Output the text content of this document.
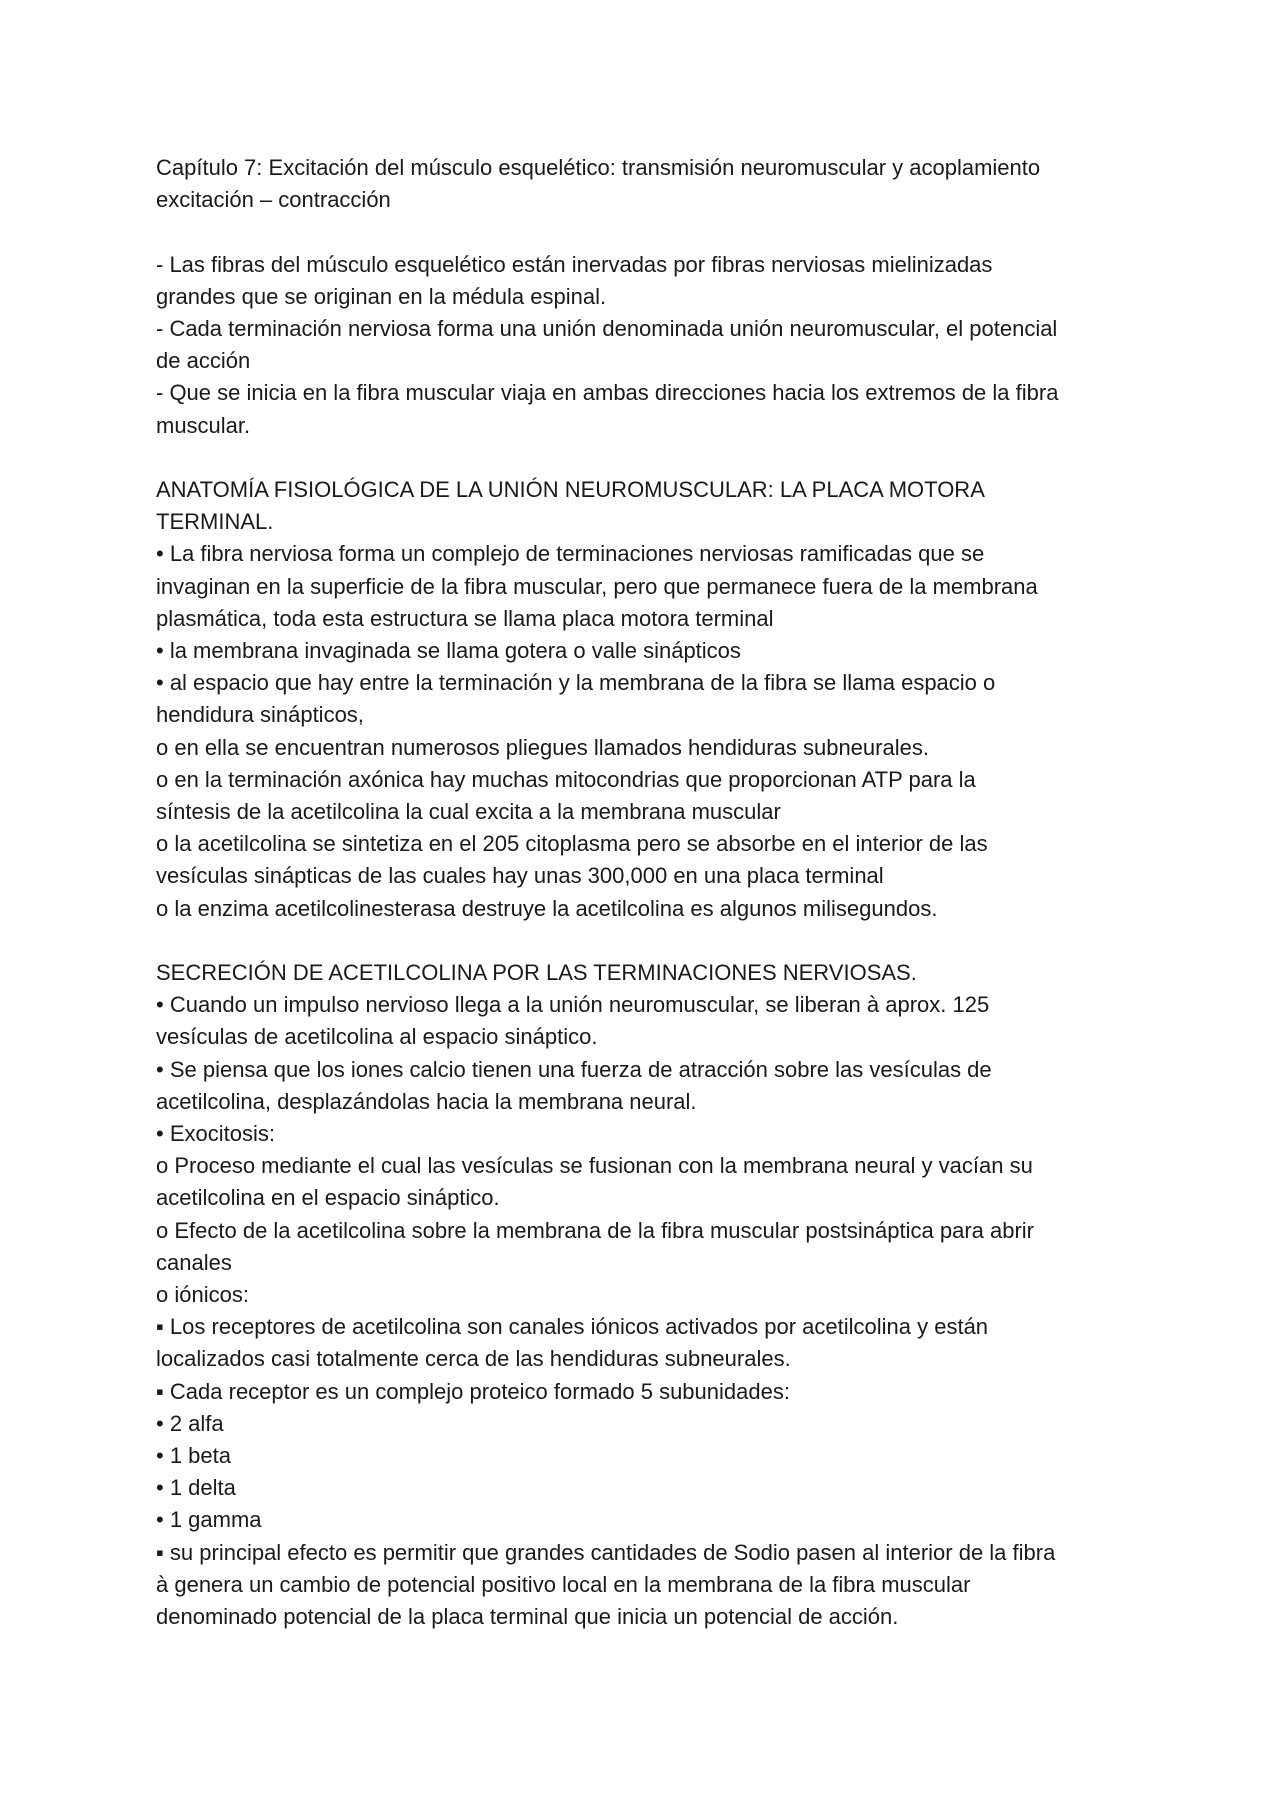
Capítulo 7: Excitación del músculo esquelético: transmisión neuromuscular y acoplamiento
excitación – contracción
- Las fibras del músculo esquelético están inervadas por fibras nerviosas mielinizadas
grandes que se originan en la médula espinal.
- Cada terminación nerviosa forma una unión denominada unión neuromuscular, el potencial
de acción
- Que se inicia en la fibra muscular viaja en ambas direcciones hacia los extremos de la fibra
muscular.
ANATOMÍA FISIOLÓGICA DE LA UNIÓN NEUROMUSCULAR: LA PLACA MOTORA
TERMINAL.
• La fibra nerviosa forma un complejo de terminaciones nerviosas ramificadas que se
invaginan en la superficie de la fibra muscular, pero que permanece fuera de la membrana
plasmática, toda esta estructura se llama placa motora terminal
• la membrana invaginada se llama gotera o valle sinápticos
• al espacio que hay entre la terminación y la membrana de la fibra se llama espacio o
hendidura sinápticos,
o en ella se encuentran numerosos pliegues llamados hendiduras subneurales.
o en la terminación axónica hay muchas mitocondrias que proporcionan ATP para la
síntesis de la acetilcolina la cual excita a la membrana muscular
o la acetilcolina se sintetiza en el 205 citoplasma pero se absorbe en el interior de las
vesículas sinápticas de las cuales hay unas 300,000 en una placa terminal
o la enzima acetilcolinesterasa destruye la acetilcolina es algunos milisegundos.
SECRECIÓN DE ACETILCOLINA POR LAS TERMINACIONES NERVIOSAS.
• Cuando un impulso nervioso llega a la unión neuromuscular, se liberan à aprox. 125
vesículas de acetilcolina al espacio sináptico.
• Se piensa que los iones calcio tienen una fuerza de atracción sobre las vesículas de
acetilcolina, desplazándolas hacia la membrana neural.
• Exocitosis:
o Proceso mediante el cual las vesículas se fusionan con la membrana neural y vacían su
acetilcolina en el espacio sináptico.
o Efecto de la acetilcolina sobre la membrana de la fibra muscular postsináptica para abrir
canales
o iónicos:
▪ Los receptores de acetilcolina son canales iónicos activados por acetilcolina y están
localizados casi totalmente cerca de las hendiduras subneurales.
▪ Cada receptor es un complejo proteico formado 5 subunidades:
• 2 alfa
• 1 beta
• 1 delta
• 1 gamma
▪ su principal efecto es permitir que grandes cantidades de Sodio pasen al interior de la fibra
à genera un cambio de potencial positivo local en la membrana de la fibra muscular
denominado potencial de la placa terminal que inicia un potencial de acción.
